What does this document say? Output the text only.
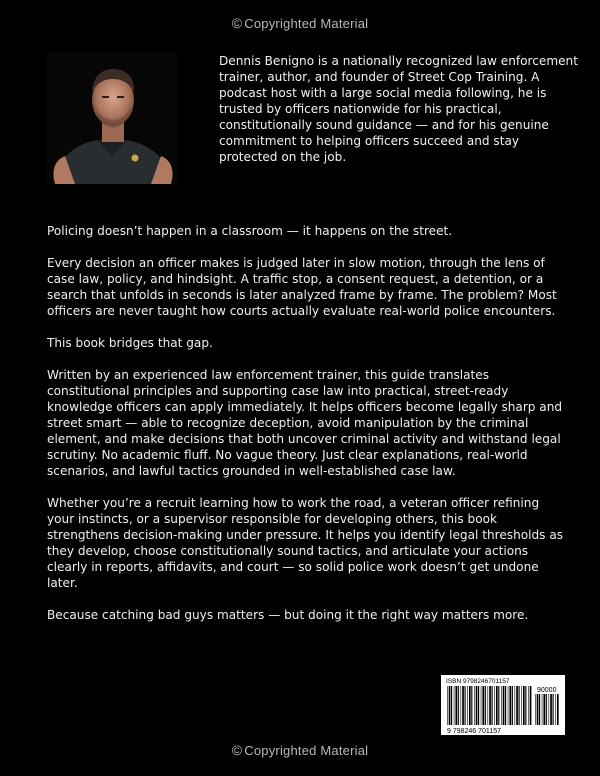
© Copyrighted Material
Dennis Benigno is a nationally recognized law enforcement trainer, author, and founder of Street Cop Training. A podcast host with a large social media following, he is trusted by officers nationwide for his practical, constitutionally sound guidance — and for his genuine commitment to helping officers succeed and stay protected on the job.

Policing doesn’t happen in a classroom — it happens on the street.

Every decision an officer makes is judged later in slow motion, through the lens of case law, policy, and hindsight. A traffic stop, a consent request, a detention, or a search that unfolds in seconds is later analyzed frame by frame. The problem? Most officers are never taught how courts actually evaluate real-world police encounters.

This book bridges that gap.

Written by an experienced law enforcement trainer, this guide translates constitutional principles and supporting case law into practical, street-ready knowledge officers can apply immediately. It helps officers become legally sharp and street smart — able to recognize deception, avoid manipulation by the criminal element, and make decisions that both uncover criminal activity and withstand legal scrutiny. No academic fluff. No vague theory. Just clear explanations, real-world scenarios, and lawful tactics grounded in well-established case law.

Whether you’re a recruit learning how to work the road, a veteran officer refining your instincts, or a supervisor responsible for developing others, this book strengthens decision-making under pressure. It helps you identify legal thresholds as they develop, choose constitutionally sound tactics, and articulate your actions clearly in reports, affidavits, and court — so solid police work doesn’t get undone later.

Because catching bad guys matters — but doing it the right way matters more.

ISBN 9798246701157
90000
9 798246 701157
© Copyrighted Material
